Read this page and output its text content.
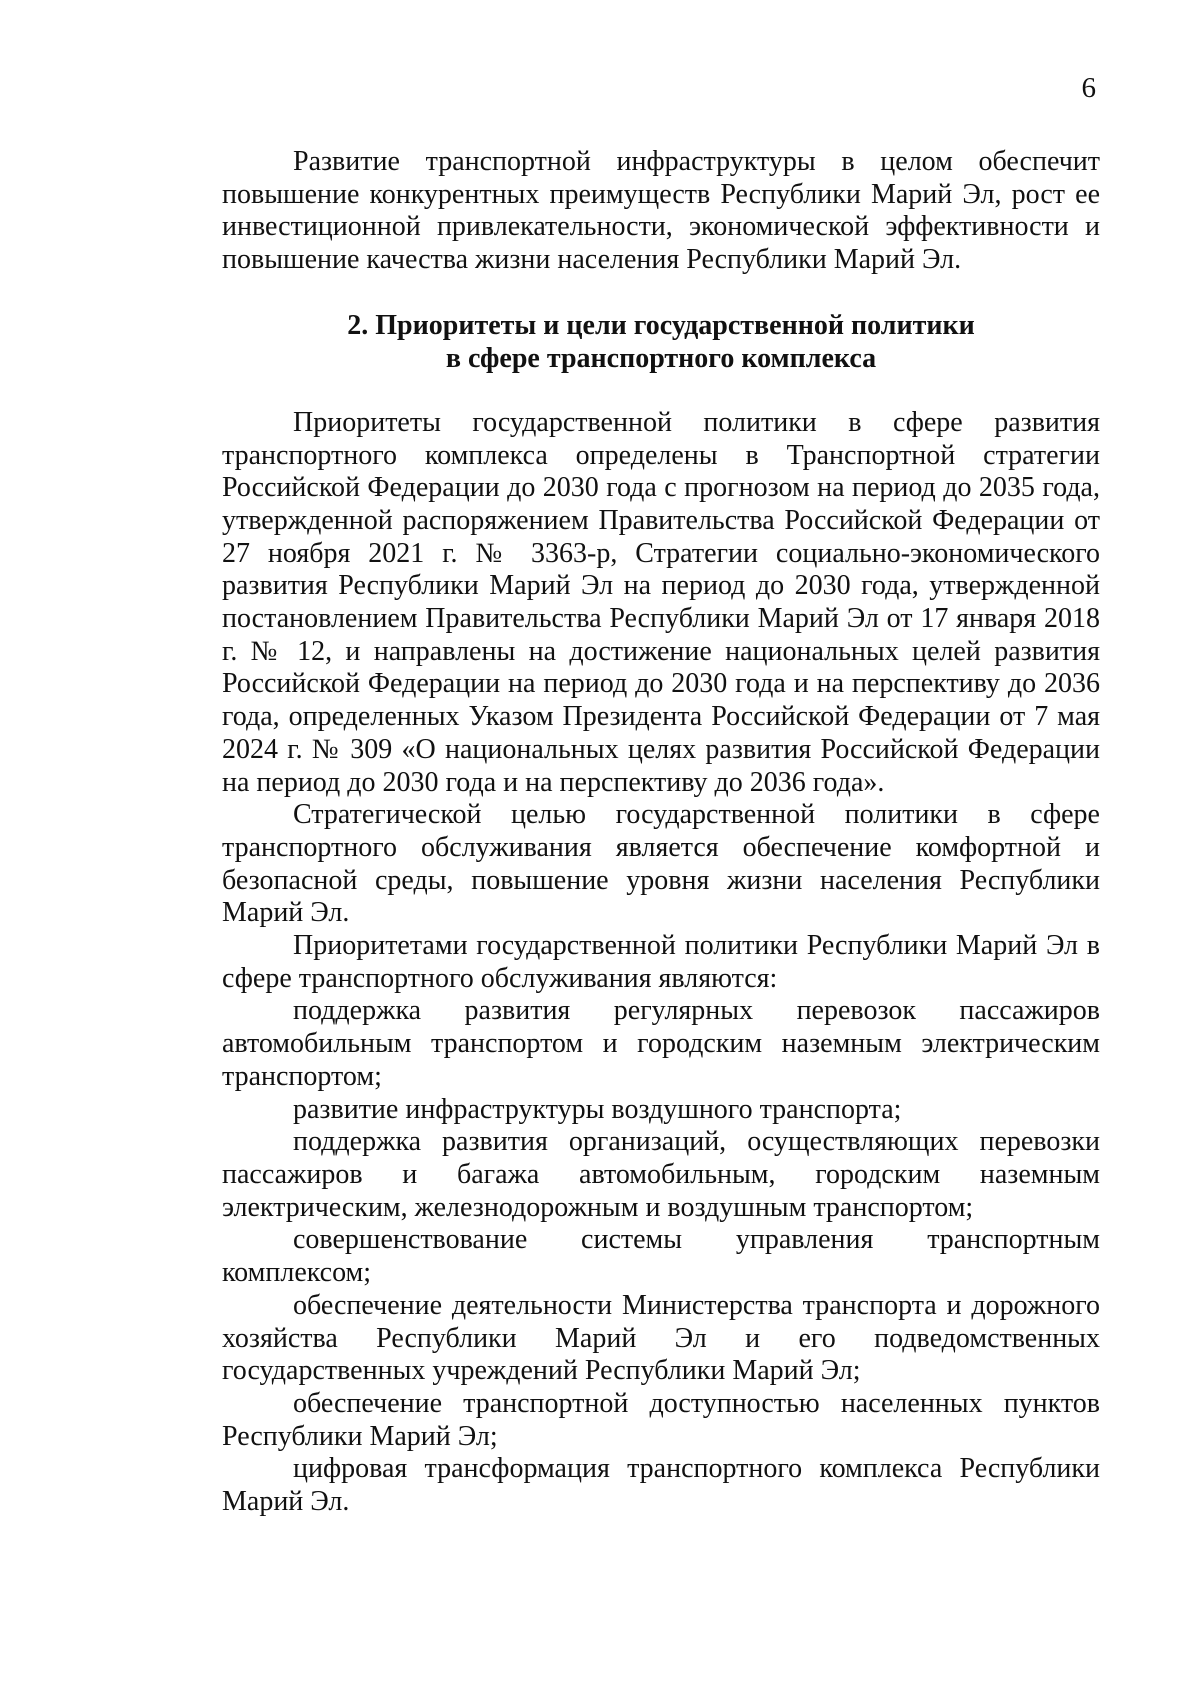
6

Развитие транспортной инфраструктуры в целом обеспечит повышение конкурентных преимуществ Республики Марий Эл, рост ее инвестиционной привлекательности, экономической эффективности и повышение качества жизни населения Республики Марий Эл.

2. Приоритеты и цели государственной политики
в сфере транспортного комплекса

Приоритеты государственной политики в сфере развития транспортного комплекса определены в Транспортной стратегии Российской Федерации до 2030 года с прогнозом на период до 2035 года, утвержденной распоряжением Правительства Российской Федерации от 27 ноября 2021 г. № 3363-р, Стратегии социально-экономического развития Республики Марий Эл на период до 2030 года, утвержденной постановлением Правительства Республики Марий Эл от 17 января 2018 г. № 12, и направлены на достижение национальных целей развития Российской Федерации на период до 2030 года и на перспективу до 2036 года, определенных Указом Президента Российской Федерации от 7 мая 2024 г. № 309 «О национальных целях развития Российской Федерации на период до 2030 года и на перспективу до 2036 года».

Стратегической целью государственной политики в сфере транспортного обслуживания является обеспечение комфортной и безопасной среды, повышение уровня жизни населения Республики Марий Эл.

Приоритетами государственной политики Республики Марий Эл в сфере транспортного обслуживания являются:

поддержка развития регулярных перевозок пассажиров автомобильным транспортом и городским наземным электрическим транспортом;

развитие инфраструктуры воздушного транспорта;

поддержка развития организаций, осуществляющих перевозки пассажиров и багажа автомобильным, городским наземным электрическим, железнодорожным и воздушным транспортом;

совершенствование системы управления транспортным комплексом;

обеспечение деятельности Министерства транспорта и дорожного хозяйства Республики Марий Эл и его подведомственных государственных учреждений Республики Марий Эл;

обеспечение транспортной доступностью населенных пунктов Республики Марий Эл;

цифровая трансформация транспортного комплекса Республики Марий Эл.
